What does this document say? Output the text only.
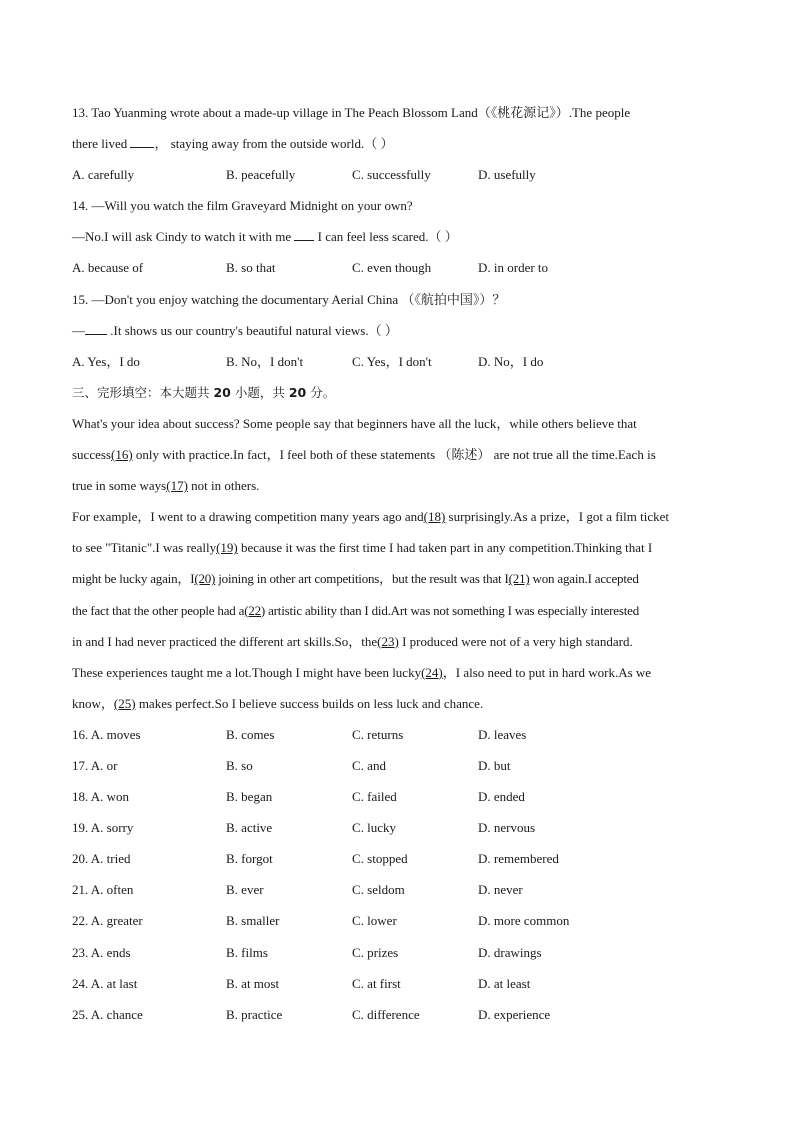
13. Tao Yuanming wrote about a made-up village in The Peach Blossom Land（《桃花源记》）.The people
there lived ， staying away from the outside world.（ ）
A. carefully	B. peacefully	C. successfully	D. usefully
14. —Will you watch the film Graveyard Midnight on your own?
—No.I will ask Cindy to watch it with me  I can feel less scared.（ ）
A. because of	B. so that	C. even though	D. in order to
15. —Don't you enjoy watching the documentary Aerial China （《航拍中国》）？
— .It shows us our country's beautiful natural views.（ ）
A. Yes，I do	B. No，I don't	C. Yes，I don't	D. No，I do
三、完形填空：本大题共 20 小题，共 20 分。
What's your idea about success? Some people say that beginners have all the luck，while others believe that
success(16) only with practice.In fact，I feel both of these statements （陈述） are not true all the time.Each is
true in some ways(17) not in others.
For example，I went to a drawing competition many years ago and(18) surprisingly.As a prize，I got a film ticket
to see "Titanic".I was really(19) because it was the first time I had taken part in any competition.Thinking that I
might be lucky again，I(20) joining in other art competitions，but the result was that I(21) won again.I accepted
the fact that the other people had a(22) artistic ability than I did.Art was not something I was especially interested
in and I had never practiced the different art skills.So，the(23) I produced were not of a very high standard.
These experiences taught me a lot.Though I might have been lucky(24)，I also need to put in hard work.As we
know，(25) makes perfect.So I believe success builds on less luck and chance.
16. A. moves	B. comes	C. returns	D. leaves
17. A. or	B. so	C. and	D. but
18. A. won	B. began	C. failed	D. ended
19. A. sorry	B. active	C. lucky	D. nervous
20. A. tried	B. forgot	C. stopped	D. remembered
21. A. often	B. ever	C. seldom	D. never
22. A. greater	B. smaller	C. lower	D. more common
23. A. ends	B. films	C. prizes	D. drawings
24. A. at last	B. at most	C. at first	D. at least
25. A. chance	B. practice	C. difference	D. experience
